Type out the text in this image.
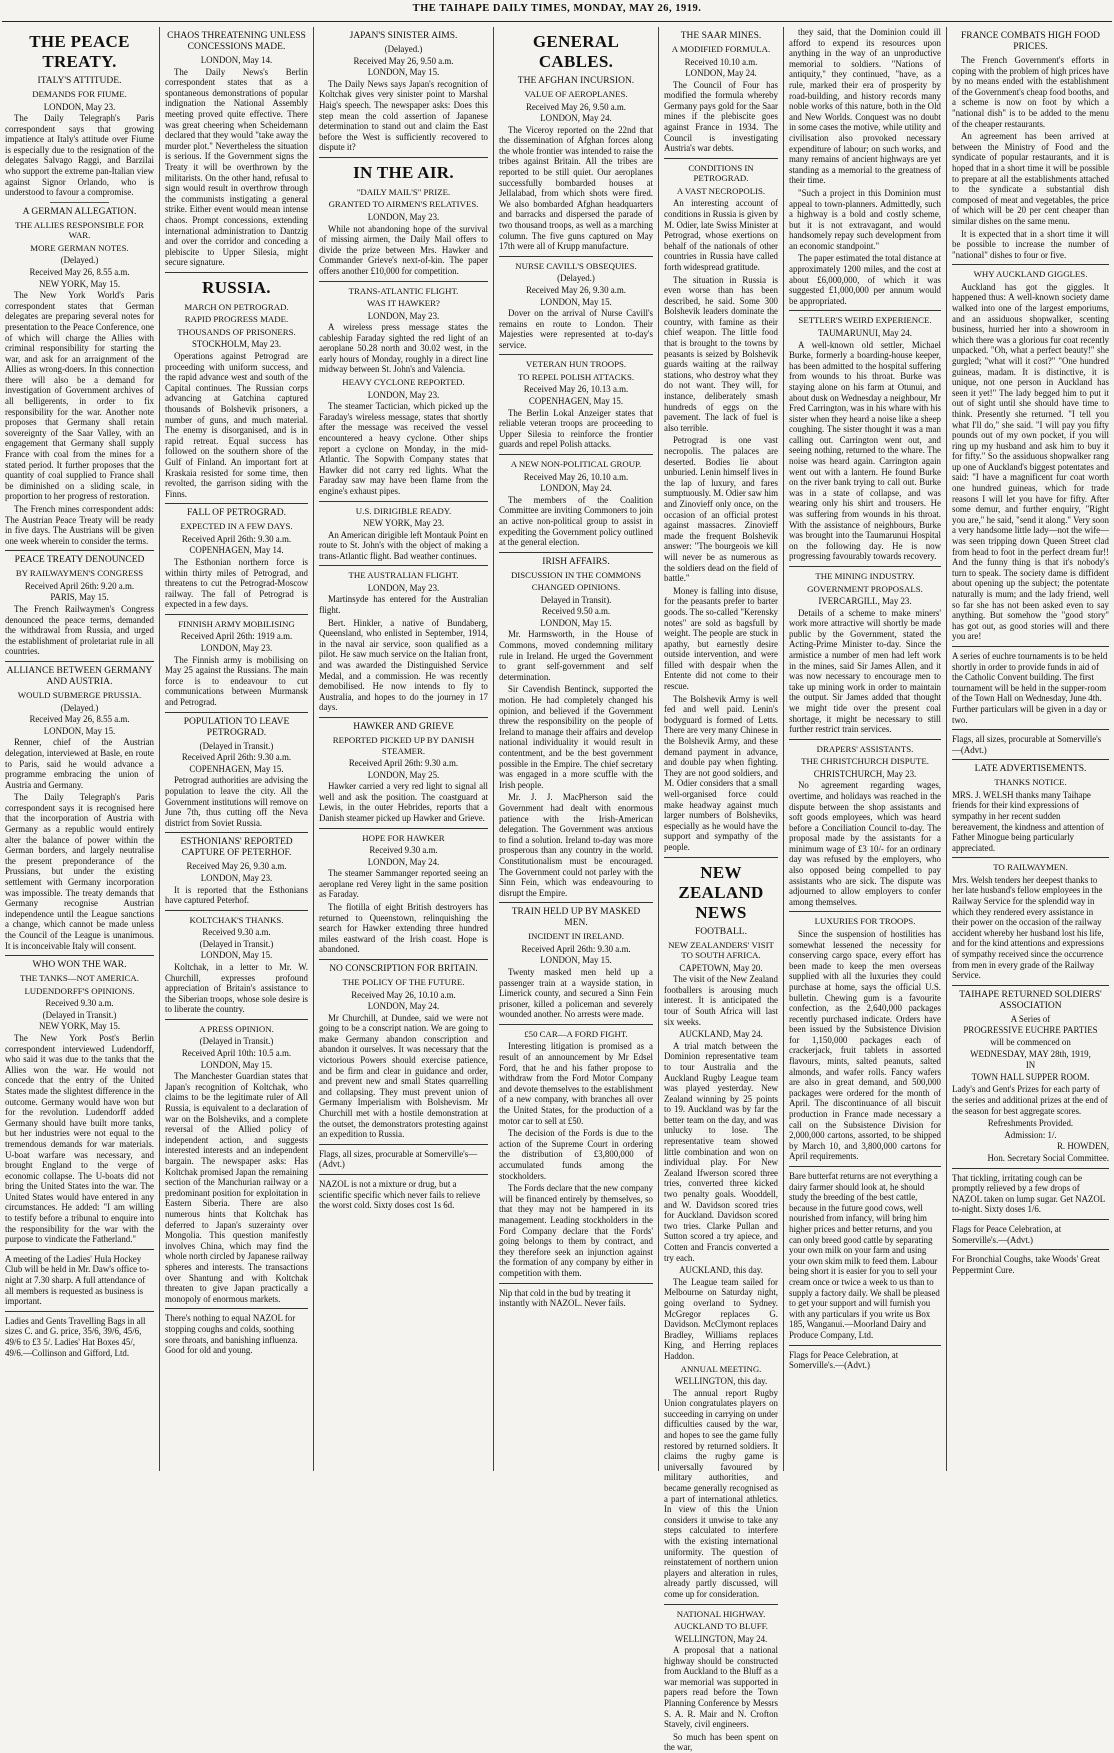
THE TAIHAPE DAILY TIMES, MONDAY, MAY 26, 1919.
THE PEACE TREATY.
ITALY'S ATTITUDE.
DEMANDS FOR FIUME.
LONDON, May 23.

The Daily Telegraph's Paris correspondent says that growing impatience at Italy's attitude over Fiume is especially due to the resignation of the delegates Salvago Raggi, and Barzilai who support the extreme pan-Italian view against Signor Orlando, who is understood to favour a compromise.

A GERMAN ALLEGATION.
THE ALLIES RESPONSIBLE FOR WAR.
MORE GERMAN NOTES.
(Delayed.)
Received May 26, 8.55 a.m.
NEW YORK, May 15.

The New York World's Paris correspondent states that German delegates are preparing several notes for presentation to the Peace Conference, one of which will charge the Allies with criminal responsibility for starting the war, and ask for an arraignment of the Allies as wrong-doers. In this connection there will also be a demand for investigation of Government archives of all belligerents, in order to fix responsibility for the war. Another note proposes that Germany shall retain sovereignty of the Saar Valley, with an engagement that Germany shall supply France with coal from the mines for a stated period. It further proposes that the quantity of coal supplied to France shall be diminished on a sliding scale, in proportion to her progress of restoration.

The French mines correspondent adds: The Austrian Peace Treaty will be ready in five days. The Austrians will be given one week wherein to consider the terms.

PEACE TREATY DENOUNCED
BY RAILWAYMEN'S CONGRESS
Received April 26th: 9.20 a.m.
PARIS, May 15.

The French Railwaymen's Congress denounced the peace terms, demanded the withdrawal from Russia, and urged the establishment of proletariat rule in all countries.

ALLIANCE BETWEEN GERMANY AND AUSTRIA.
WOULD SUBMERGE PRUSSIA.
(Delayed.)
Received May 26, 8.55 a.m.
LONDON, May 15.

Renner, chief of the Austrian delegation, interviewed at Basle, en route to Paris, said he would advance a programme embracing the union of Austria and Germany.

The Daily Telegraph's Paris correspondent says it is recognised here that the incorporation of Austria with Germany as a republic would entirely alter the balance of power within the German borders, and largely neutralise the present preponderance of the Prussians, but under the existing settlement with Germany incorporation was impossible. The treaty demands that Germany recognise Austrian independence until the League sanctions a change, which cannot be made unless the Council of the League is unanimous. It is inconceivable Italy will consent.

WHO WON THE WAR.
THE TANKS—NOT AMERICA.
LUDENDORFF'S OPINIONS.
Received 9.30 a.m.
(Delayed in Transit.)
NEW YORK, May 15.

The New York Post's Berlin correspondent interviewed Ludendorff, who said it was due to the tanks that the Allies won the war. He would not concede that the entry of the United States made the slightest difference in the outcome. Germany would have won but for the revolution. Ludendorff added Germany should have built more tanks, but her industries were not equal to the tremendous demands for war materials. U-boat warfare was necessary, and brought England to the verge of economic collapse. The U-boats did not bring the United States into the war. The United States would have entered in any circumstances. He added: "I am willing to testify before a tribunal to enquire into the responsibility for the war with the purpose to vindicate the Fatherland."

A meeting of the Ladies' Hula Hockey Club will be held in Mr. Daw's office to-night at 7.30 sharp. A full attendance of all members is requested as business is important.
Ladies and Gents Travelling Bags in all sizes C. and G. price, 35/6, 39/6, 45/6, 49/6 to £3 5/. Ladies' Hat Boxes 45/, 49/6.—Collinson and Gifford, Ltd.
CHAOS THREATENING UNLESS CONCESSIONS MADE.
LONDON, May 14.

The Daily News's Berlin correspondent states that as a spontaneous demonstrations of popular indignation the National Assembly meeting proved quite effective. There was great cheering when Scheidemann declared that they would "take away the murder plot." Nevertheless the situation is serious. If the Government signs the Treaty it will be overthrown by the militarists. On the other hand, refusal to sign would result in overthrow through the communists instigating a general strike. Either event would mean intense chaos. Prompt concessions, extending international administration to Dantzig and over the corridor and conceding a plebiscite to Upper Silesia, might secure signature.

RUSSIA.
MARCH ON PETROGRAD.
RAPID PROGRESS MADE.
THOUSANDS OF PRISONERS.
STOCKHOLM, May 23.

Operations against Petrograd are proceeding with uniform success, and the rapid advance west and south of the Capital continues. The Russian corps advancing at Gatchina captured thousands of Bolshevik prisoners, a number of guns, and much material. The enemy is disorganised, and is in rapid retreat. Equal success has followed on the southern shore of the Gulf of Finland. An important fort at Kraskaia resisted for some time, then revolted, the garrison siding with the Finns.

FALL OF PETROGRAD.
EXPECTED IN A FEW DAYS.
Received April 26th: 9.30 a.m.
COPENHAGEN, May 14.

The Esthonian northern force is within thirty miles of Petrograd, and threatens to cut the Petrograd-Moscow railway. The fall of Petrograd is expected in a few days.

FINNISH ARMY MOBILISING
Received April 26th: 1919 a.m.
LONDON, May 23.

The Finnish army is mobilising on May 25 against the Russians. The main force is to endeavour to cut communications between Murmansk and Petrograd.

POPULATION TO LEAVE PETROGRAD.
(Delayed in Transit.)
Received April 26th: 9.30 a.m.
COPENHAGEN, May 15.

Petrograd authorities are advising the population to leave the city. All the Government institutions will remove on June 7th, thus cutting off the Neva district from Soviet Russia.

ESTHONIANS' REPORTED CAPTURE OF PETERHOF.
Received May 26, 9.30 a.m.
LONDON, May 23.

It is reported that the Esthonians have captured Peterhof.

KOLTCHAK'S THANKS.
Received 9.30 a.m.
(Delayed in Transit.)
LONDON, May 15.

Koltchak, in a letter to Mr. W. Churchill, expresses profound appreciation of Britain's assistance to the Siberian troops, whose sole desire is to liberate the country.

A PRESS OPINION.
(Delayed in Transit.)
Received April 10th: 10.5 a.m.
LONDON, May 15.

The Manchester Guardian states that Japan's recognition of Koltchak, who claims to be the legitimate ruler of All Russia, is equivalent to a declaration of war on the Bolsheviks, and a complete reversal of the Allied policy of independent action, and suggests interested interests and an independent bargain. The newspaper asks: Has Koltchak promised Japan the remaining section of the Manchurian railway or a predominant position for exploitation in Eastern Siberia. There are also numerous hints that Koltchak has deferred to Japan's suzerainty over Mongolia. This question manifestly involves China, which may find the whole north circled by Japanese railway spheres and interests. The transactions over Shantung and with Koltchak threaten to give Japan practically a monopoly of enormous markets.

There's nothing to equal NAZOL for stopping coughs and colds, soothing sore throats, and banishing influenza. Good for old and young.
JAPAN'S SINISTER AIMS.
(Delayed.)
Received May 26, 9.50 a.m.
LONDON, May 15.

The Daily News says Japan's recognition of Koltchak gives very sinister point to Marshal Haig's speech. The newspaper asks: Does this step mean the cold assertion of Japanese determination to stand out and claim the East before the West is sufficiently recovered to dispute it?

IN THE AIR.
"DAILY MAIL'S" PRIZE.
GRANTED TO AIRMEN'S RELATIVES.
LONDON, May 23.

While not abandoning hope of the survival of missing airmen, the Daily Mail offers to divide the prize between Mrs. Hawker and Commander Grieve's next-of-kin. The paper offers another £10,000 for competition.

TRANS-ATLANTIC FLIGHT.
WAS IT HAWKER?
LONDON, May 23.

A wireless press message states the cableship Faraday sighted the red light of an aeroplane 50.28 north and 30.02 west, in the early hours of Monday, roughly in a direct line midway between St. John's and Valencia.

HEAVY CYCLONE REPORTED.
LONDON, May 23.

The steamer Tactician, which picked up the Faraday's wireless message, states that shortly after the message was received the vessel encountered a heavy cyclone. Other ships report a cyclone on Monday, in the mid-Atlantic. The Sopwith Company states that Hawker did not carry red lights. What the Faraday saw may have been flame from the engine's exhaust pipes.

U.S. DIRIGIBLE READY.
NEW YORK, May 23.

An American dirigible left Montauk Point en route to St. John's with the object of making a trans-Atlantic flight. Bad weather continues.

THE AUSTRALIAN FLIGHT.
LONDON, May 23.

Martinsyde has entered for the Australian flight.

Bert. Hinkler, a native of Bundaberg, Queensland, who enlisted in September, 1914, in the naval air service, soon qualified as a pilot. He saw much service on the Italian front, and was awarded the Distinguished Service Medal, and a commission. He was recently demobilised. He now intends to fly to Australia, and hopes to do the journey in 17 days.

HAWKER AND GRIEVE
REPORTED PICKED UP BY DANISH STEAMER.
Received April 26th: 9.30 a.m.
LONDON, May 25.

Hawker carried a very red light to signal all well and ask the position. The coastguard at Lewis, in the outer Hebrides, reports that a Danish steamer picked up Hawker and Grieve.

HOPE FOR HAWKER
Received 9.30 a.m.
LONDON, May 24.

The steamer Sammanger reported seeing an aeroplane red Verey light in the same position as Faraday.

The flotilla of eight British destroyers has returned to Queenstown, relinquishing the search for Hawker extending three hundred miles eastward of the Irish coast. Hope is abandoned.

NO CONSCRIPTION FOR BRITAIN.
THE POLICY OF THE FUTURE.
Received May 26, 10.10 a.m.
LONDON, May 24.

Mr Churchill, at Dundee, said we were not going to be a conscript nation. We are going to make Germany abandon conscription and abandon it ourselves. It was necessary that the victorious Powers should exercise patience, and be firm and clear in guidance and order, and prevent new and small States quarrelling and collapsing. They must prevent union of Germany Imperialism with Bolshevism. Mr Churchill met with a hostile demonstration at the outset, the demonstrators protesting against an expedition to Russia.

Flags, all sizes, procurable at Somerville's—(Advt.)
NAZOL is not a mixture or drug, but a scientific specific which never fails to relieve the worst cold. Sixty doses cost 1s 6d.
GENERAL CABLES.
THE AFGHAN INCURSION.
VALUE OF AEROPLANES.
Received May 26, 9.50 a.m.
LONDON, May 24.

The Viceroy reported on the 22nd that the dissemination of Afghan forces along the whole frontier was intended to raise the tribes against Britain. All the tribes are reported to be still quiet. Our aeroplanes successfully bombarded houses at Jellalabad, from which shots were fired. We also bombarded Afghan headquarters and barracks and dispersed the parade of two thousand troops, as well as a marching column. The five guns captured on May 17th were all of Krupp manufacture.

NURSE CAVILL'S OBSEQUIES.
(Delayed.)
Received May 26, 9.30 a.m.
LONDON, May 15.

Dover on the arrival of Nurse Cavill's remains en route to London. Their Majesties were represented at to-day's service.

VETERAN HUN TROOPS.
TO REPEL POLISH ATTACKS.
Received May 26, 10.13 a.m.
COPENHAGEN, May 15.

The Berlin Lokal Anzeiger states that reliable veteran troops are proceeding to Upper Silesia to reinforce the frontier guards and repel Polish attacks.

A NEW NON-POLITICAL GROUP.
Received May 26, 10.10 a.m.
LONDON, May 24.

The members of the Coalition Committee are inviting Commoners to join an active non-political group to assist in expediting the Government policy outlined at the general election.

IRISH AFFAIRS.
DISCUSSION IN THE COMMONS
CHANGED OPINIONS.
Delayed in Transit).
Received 9.50 a.m.
LONDON, May 15.

Mr. Harmsworth, in the House of Commons, moved condemning military rule in Ireland. He urged the Government to grant self-government and self determination.

Sir Cavendish Bentinck, supported the motion. He had completely changed his opinion, and believed if the Government threw the responsibility on the people of Ireland to manage their affairs and develop national individuality it would result in contentment, and be the best government possible in the Empire. The chief secretary was engaged in a more scuffle with the Irish people.

Mr. J. J. MacPherson said the Government had dealt with enormous patience with the Irish-American delegation. The Government was anxious to find a solution. Ireland to-day was more prosperous than any country in the world. Constitutionalism must be encouraged. The Government could not parley with the Sinn Fein, which was endeavouring to disrupt the Empire.

TRAIN HELD UP BY MASKED MEN.
INCIDENT IN IRELAND.
Received April 26th: 9.30 a.m.
LONDON, May 15.

Twenty masked men held up a passenger train at a wayside station, in Limerick county, and secured a Sinn Fein prisoner, killed a policeman and severely wounded another. No arrests were made.

£50 CAR—A FORD FIGHT.

Interesting litigation is promised as a result of an announcement by Mr Edsel Ford, that he and his father propose to withdraw from the Ford Motor Company and devote themselves to the establishment of a new company, with branches all over the United States, for the production of a motor car to sell at £50.

The decision of the Fords is due to the action of the Supreme Court in ordering the distribution of £3,800,000 of accumulated funds among the stockholders.

The Fords declare that the new company will be financed entirely by themselves, so that they may not be hampered in its management. Leading stockholders in the Ford Company declare that the Fords' going belongs to them by contract, and they therefore seek an injunction against the formation of any company by either in competition with them.

Nip that cold in the bud by treating it instantly with NAZOL. Never fails.
THE SAAR MINES.
A MODIFIED FORMULA.
Received 10.10 a.m.
LONDON, May 24.

The Council of Four has modified the formula whereby Germany pays gold for the Saar mines if the plebiscite goes against France in 1934. The Council is investigating Austria's war debts.

CONDITIONS IN PETROGRAD.
A VAST NECROPOLIS.

An interesting account of conditions in Russia is given by M. Odier, late Swiss Minister at Petrograd, whose exertions on behalf of the nationals of other countries in Russia have called forth widespread gratitude.

The situation in Russia is even worse than has been described, he said. Some 300 Bolshevik leaders dominate the country, with famine as their chief weapon. The little food that is brought to the towns by peasants is seized by Bolshevik guards waiting at the railway stations, who destroy what they do not want. They will, for instance, deliberately smash hundreds of eggs on the pavement. The lack of fuel is also terrible.

Petrograd is one vast necropolis. The palaces are deserted. Bodies lie about unburied. Lenin himself lives in the lap of luxury, and fares sumptuously. M. Odier saw him and Zinovieff only once, on the occasion of an official protest against massacres. Zinovieff made the frequent Bolshevik answer: "The bourgeois we kill will never be as numerous as the soldiers dead on the field of battle."

Money is falling into disuse, for the peasants prefer to barter goods. The so-called "Kerensky notes" are sold as bagsfull by weight. The people are stuck in apathy, but earnestly desire outside intervention, and were filled with despair when the Entente did not come to their rescue.

The Bolshevik Army is well fed and well paid. Lenin's bodyguard is formed of Letts. There are very many Chinese in the Bolshevik Army, and these demand payment in advance, and double pay when fighting. They are not good soldiers, and M. Odier considers that a small well-organised force could make headway against much larger numbers of Bolsheviks, especially as he would have the support and sympathy of the people.

NEW ZEALAND NEWS
FOOTBALL.
NEW ZEALANDERS' VISIT TO SOUTH AFRICA.
CAPETOWN, May 20.

The visit of the New Zealand footballers is arousing much interest. It is anticipated the tour of South Africa will last six weeks.

AUCKLAND, May 24.

A trial match between the Dominion representative team to tour Australia and the Auckland Rugby League team was played yesterday. New Zealand winning by 25 points to 19. Auckland was by far the better team on the day, and was unlucky to lose. The representative team showed little combination and won on individual play. For New Zealand Ifwerson scored three tries, converted three kicked two penalty goals. Wooddell, and W. Davidson scored tries for Auckland. Davidson scored two tries. Clarke Pullan and Sutton scored a try apiece, and Cotten and Francis converted a try each.

AUCKLAND, this day.

The League team sailed for Melbourne on Saturday night, going overland to Sydney. McGregor replaces G. Davidson. McClymont replaces Bradley, Williams replaces King, and Herring replaces Haddon.

ANNUAL MEETING.
WELLINGTON, this day.

The annual report Rugby Union congratulates players on succeeding in carrying on under difficulties caused by the war, and hopes to see the game fully restored by returned soldiers. It claims the rugby game is universally favoured by military authorities, and became generally recognised as a part of international athletics. In view of this the Union considers it unwise to take any steps calculated to interfere with the existing international uniformity. The question of reinstatement of northern union players and alteration in rules, already partly discussed, will come up for consideration.

NATIONAL HIGHWAY.
AUCKLAND TO BLUFF.
WELLINGTON, May 24.

A proposal that a national highway should be constructed from Auckland to the Bluff as a war memorial was supported in papers read before the Town Planning Conference by Messrs S. A. R. Mair and N. Crofton Stavely, civil engineers.

So much has been spent on the war,

they said, that the Dominion could ill afford to expend its resources upon anything in the way of an unproductive memorial to soldiers. "Nations of antiquity," they continued, "have, as a rule, marked their era of prosperity by road-building, and history records many noble works of this nature, both in the Old and New Worlds. Conquest was no doubt in some cases the motive, while utility and civilisation also provoked necessary expenditure of labour; on such works, and many remains of ancient highways are yet standing as a memorial to the greatness of their time.

"Such a project in this Dominion must appeal to town-planners. Admittedly, such a highway is a bold and costly scheme, but it is not extravagant, and would handsomely repay such development from an economic standpoint."

The paper estimated the total distance at approximately 1200 miles, and the cost at about £6,000,000, of which it was suggested £1,000,000 per annum would be appropriated.

SETTLER'S WEIRD EXPERIENCE.
TAUMARUNUI, May 24.

A well-known old settler, Michael Burke, formerly a boarding-house keeper, has been admitted to the hospital suffering from wounds to his throat. Burke was staying alone on his farm at Otunui, and about dusk on Wednesday a neighbour, Mr Fred Carrington, was in his whare with his sister when they heard a noise like a sheep coughing. The sister thought it was a man calling out. Carrington went out, and seeing nothing, returned to the whare. The noise was heard again. Carrington again went out with a lantern. He found Burke on the river bank trying to call out. Burke was in a state of collapse, and was wearing only his shirt and trousers. He was suffering from wounds in his throat. With the assistance of neighbours, Burke was brought into the Taumarunui Hospital on the following day. He is now progressing favourably towards recovery.

THE MINING INDUSTRY.
GOVERNMENT PROPOSALS.
IVERCARGILL, May 23.

Details of a scheme to make miners' work more attractive will shortly be made public by the Government, stated the Acting-Prime Minister to-day. Since the armistice a number of men had left work in the mines, said Sir James Allen, and it was now necessary to encourage men to take up mining work in order to maintain the output. Sir James added that thought we might tide over the present coal shortage, it might be necessary to still further restrict train services.

DRAPERS' ASSISTANTS.
THE CHRISTCHURCH DISPUTE.
CHRISTCHURCH, May 23.

No agreement regarding wages, overtime, and holidays was reached in the dispute between the shop assistants and soft goods employees, which was heard before a Conciliation Council to-day. The proposal made by the assistants for a minimum wage of £3 10/- for an ordinary day was refused by the employers, who also opposed being compelled to pay assistants who are sick. The dispute was adjourned to allow employers to confer among themselves.

LUXURIES FOR TROOPS.

Since the suspension of hostilities has somewhat lessened the necessity for conserving cargo space, every effort has been made to keep the men overseas supplied with all the luxuries they could purchase at home, says the official U.S. bulletin. Chewing gum is a favourite confection, as the 2,640,000 packages recently purchased indicate. Orders have been issued by the Subsistence Division for 1,150,000 packages each of crackerjack, fruit tablets in assorted flavours, mints, salted peanuts, salted almonds, and wafer rolls. Fancy wafers are also in great demand, and 500,000 packages were ordered for the month of April. The discontinuance of all biscuit production in France made necessary a call on the Subsistence Division for 2,000,000 cartons, assorted, to be shipped by March 10, and 3,800,000 cartons for April requirements.

Bare butterfat returns are not everything a dairy farmer should look at, he should study the breeding of the best cattle, because in the future good cows, well nourished from infancy, will bring him higher prices and better returns, and you can only breed good cattle by separating your own milk on your farm and using your own skim milk to feed them. Labour being short it is easier for you to sell your cream once or twice a week to us than to supply a factory daily. We shall be pleased to get your support and will furnish you with any particulars if you write us Box 185, Wanganui.—Moorland Dairy and Produce Company, Ltd.
Flags for Peace Celebration, at Somerville's.—(Advt.)
FRANCE COMBATS HIGH FOOD PRICES.

The French Government's efforts in coping with the problem of high prices have by no means ended with the establishment of the Government's cheap food booths, and a scheme is now on foot by which a "national dish" is to be added to the menu of the cheaper restaurants.

An agreement has been arrived at between the Ministry of Food and the syndicate of popular restaurants, and it is hoped that in a short time it will be possible to prepare at all the establishments attached to the syndicate a substantial dish composed of meat and vegetables, the price of which will be 20 per cent cheaper than similar dishes on the same menu.

It is expected that in a short time it will be possible to increase the number of "national" dishes to four or five.

WHY AUCKLAND GIGGLES.

Auckland has got the giggles. It happened thus: A well-known society dame walked into one of the largest emporiums, and an assiduous shopwalker, scenting business, hurried her into a showroom in which there was a glorious fur coat recently unpacked. "Oh, what a perfect beauty!" she gurgled; "what will it cost?" "One hundred guineas, madam. It is distinctive, it is unique, not one person in Auckland has seen it yet!" The lady begged him to put it out of sight until she should have time to think. Presently she returned. "I tell you what I'll do," she said. "I will pay you fifty pounds out of my own pocket, if you will ring up my husband and ask him to buy it for fifty." So the assiduous shopwalker rang up one of Auckland's biggest potentates and said: "I have a magnificent fur coat worth one hundred guineas, which for trade reasons I will let you have for fifty. After some demur, and further enquiry, "Right you are," he said, "send it along." Very soon a very handsome little lady—not the wife—was seen tripping down Queen Street clad from head to foot in the perfect dream fur!! And the funny thing is that it's nobody's turn to speak. The society dame is diffident about opening up the subject; the potentate naturally is mum; and the lady friend, well so far she has not been asked even to say anything. But somehow the "good story" has got out, as good stories will and there you are!

A series of euchre tournaments is to be held shortly in order to provide funds in aid of the Catholic Convent building. The first tournament will be held in the supper-room of the Town Hall on Wednesday, June 4th. Further particulars will be given in a day or two.
Flags, all sizes, procurable at Somerville's—(Advt.)
LATE ADVERTISEMENTS.
THANKS NOTICE.
MRS. J. WELSH thanks many Taihape friends for their kind expressions of sympathy in her recent sudden bereavement, the kindness and attention of Father Minogue being particularly appreciated.
TO RAILWAYMEN.
Mrs. Welsh tenders her deepest thanks to her late husband's fellow employees in the Railway Service for the splendid way in which they rendered every assistance in their power on the occasion of the railway accident whereby her husband lost his life, and for the kind attentions and expressions of sympathy received since the occurrence from men in every grade of the Railway Service.
TAIHAPE RETURNED SOLDIERS' ASSOCIATION
A Series of
PROGRESSIVE EUCHRE PARTIES
will be commenced on
WEDNESDAY, MAY 28th, 1919,
IN
TOWN HALL SUPPER ROOM.
Lady's and Gent's Prizes for each party of the series and additional prizes at the end of the season for best aggregate scores.
Refreshments Provided.
Admission: 1/.
R. HOWDEN,
Hon. Secretary Social Committee.
That tickling, irritating cough can be promptly relieved by a few drops of NAZOL taken on lump sugar. Get NAZOL to-night. Sixty doses 1/6.
Flags for Peace Celebration, at Somerville's.—(Advt.)
For Bronchial Coughs, take Woods' Great Peppermint Cure.
